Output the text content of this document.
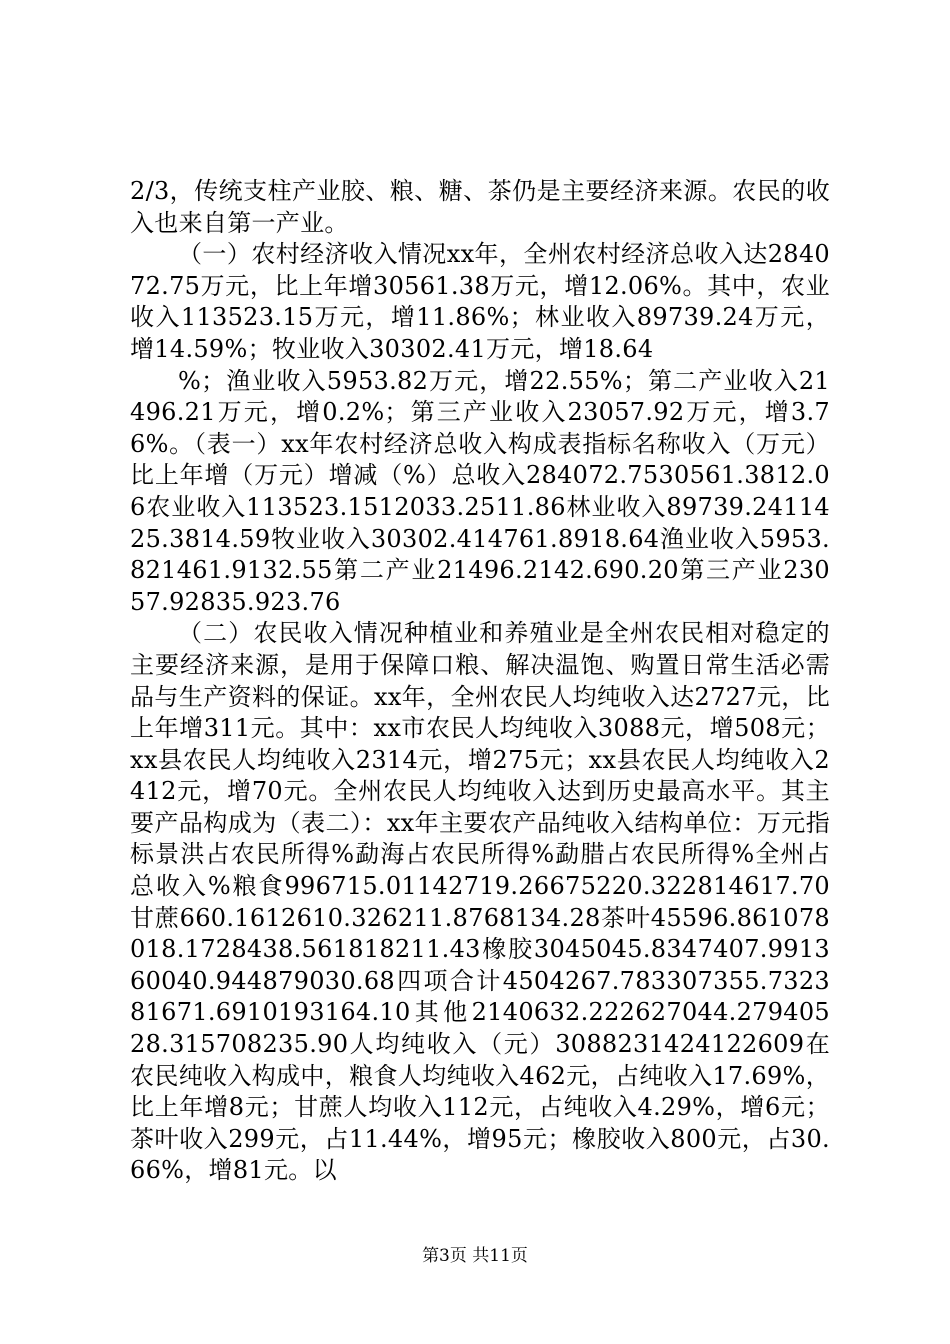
2/3，传统支柱产业胶、粮、糖、茶仍是主要经济来源。农民的收入也来自第一产业。

（一）农村经济收入情况xx年，全州农村经济总收入达284072.75万元，比上年增30561.38万元，增12.06%。其中，农业收入113523.15万元，增11.86%；林业收入89739.24万元，增14.59%；牧业收入30302.41万元，增18.64

%；渔业收入5953.82万元，增22.55%；第二产业收入21496.21万元，增0.2%；第三产业收入23057.92万元，增3.76%。（表一）xx年农村经济总收入构成表指标名称收入（万元）比上年增（万元）增减（%）总收入284072.7530561.3812.06农业收入113523.1512033.2511.86林业收入89739.2411425.3814.59牧业收入30302.414761.8918.64渔业收入5953.821461.9132.55第二产业21496.2142.690.20第三产业23057.92835.923.76

（二）农民收入情况种植业和养殖业是全州农民相对稳定的主要经济来源，是用于保障口粮、解决温饱、购置日常生活必需品与生产资料的保证。xx年，全州农民人均纯收入达2727元，比上年增311元。其中：xx市农民人均纯收入3088元，增508元；xx县农民人均纯收入2314元，增275元；xx县农民人均纯收入2412元，增70元。全州农民人均纯收入达到历史最高水平。其主要产品构成为（表二）：xx年主要农产品纯收入结构单位：万元指标景洪占农民所得%勐海占农民所得%勐腊占农民所得%全州占总收入%粮食996715.01142719.26675220.322814617.70甘蔗660.1612610.326211.8768134.28茶叶45596.861078018.1728438.561818211.43橡胶3045045.8347407.991360040.944879030.68四项合计4504267.783307355.732381671.6910193164.10其他2140632.222627044.27940528.315708235.90人均纯收入（元）3088231424122609在农民纯收入构成中，粮食人均纯收入462元，占纯收入17.69%，比上年增8元；甘蔗人均收入112元，占纯收入4.29%，增6元；茶叶收入299元，占11.44%，增95元；橡胶收入800元，占30.66%，增81元。以

第3页 共11页
